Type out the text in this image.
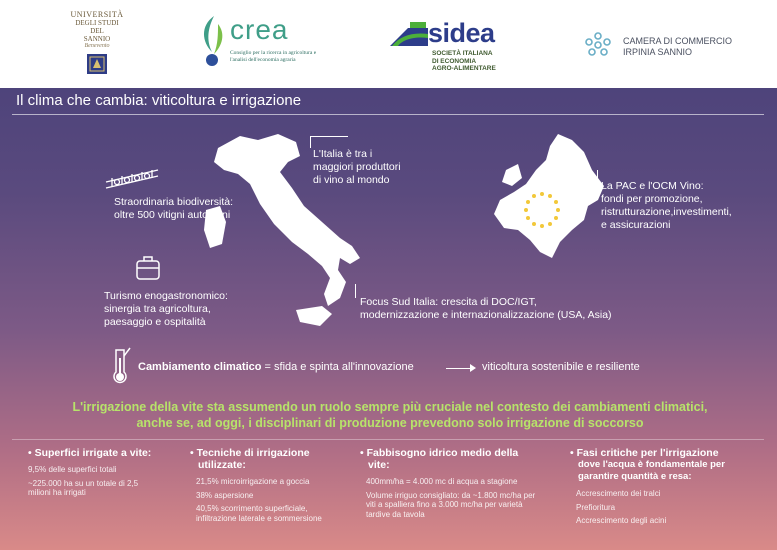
UNIVERSITÀ
DEGLI STUDI
DEL
SANNIO
Benevento
crea
Consiglio per la ricerca in agricoltura e l'analisi dell'economia agraria
sidea
SOCIETÀ ITALIANA
DI ECONOMIA
AGRO-ALIMENTARE
CAMERA DI COMMERCIO
IRPINIA SANNIO
Il clima che cambia: viticoltura e irrigazione
L'Italia è tra i
maggiori produttori
di vino al mondo
Straordinaria biodiversità:
oltre 500 vitigni autoctoni
La PAC e l'OCM Vino:
fondi per promozione,
ristrutturazione,investimenti,
e assicurazioni
Turismo enogastronomico:
sinergia tra agricoltura,
paesaggio e ospitalità
Focus Sud Italia: crescita di DOC/IGT,
modernizzazione e internazionalizzazione (USA, Asia)
Cambiamento climatico = sfida e spinta all'innovazione	viticoltura sostenibile e resiliente
L'irrigazione della vite sta assumendo un ruolo sempre più cruciale nel contesto dei cambiamenti climatici,
anche se, ad oggi, i disciplinari di produzione prevedono solo irrigazione di soccorso
• Superfici irrigate a vite:
9,5% delle superfici totali
~225.000 ha su un totale di 2,5 milioni ha irrigati
• Tecniche di irrigazione
utilizzate:
21,5% microirrigazione a goccia
38% aspersione
40,5% scorrimento superficiale, infiltrazione laterale e sommersione
• Fabbisogno idrico medio della
vite:
400mm/ha = 4.000 mc di acqua a stagione
Volume irriguo consigliato: da ~1.800 mc/ha per viti a spalliera fino a 3.000 mc/ha per varietà tardive da tavola
• Fasi critiche per l'irrigazione
dove l'acqua è fondamentale per
garantire quantità e resa:
Accrescimento dei tralci
Prefioritura
Accrescimento degli acini
